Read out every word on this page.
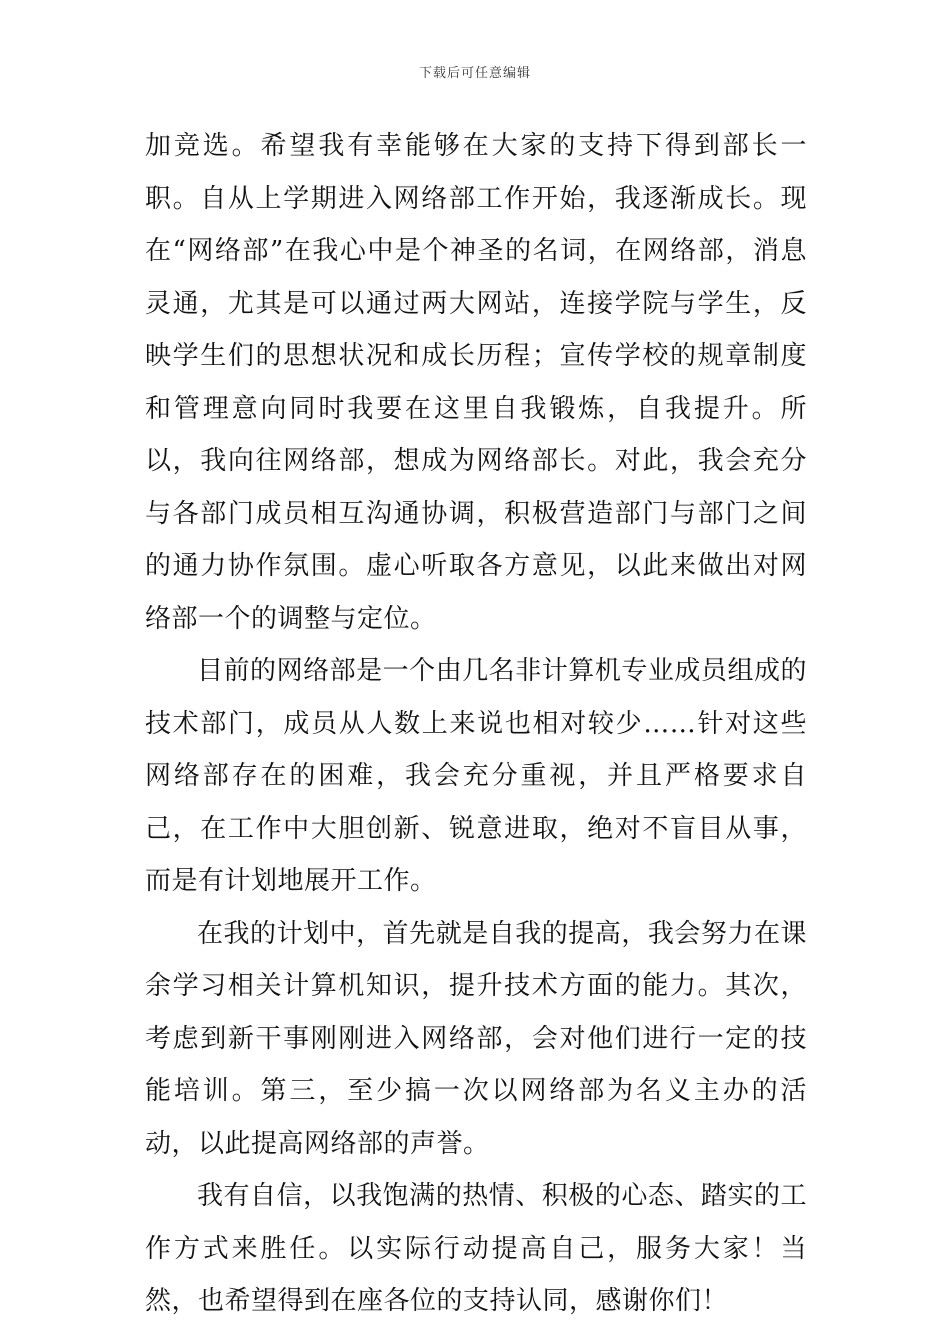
下载后可任意编辑

加竞选。希望我有幸能够在大家的支持下得到部长一职。自从上学期进入网络部工作开始，我逐渐成长。现在“网络部”在我心中是个神圣的名词，在网络部，消息灵通，尤其是可以通过两大网站，连接学院与学生，反映学生们的思想状况和成长历程；宣传学校的规章制度和管理意向同时我要在这里自我锻炼，自我提升。所以，我向往网络部，想成为网络部长。对此，我会充分与各部门成员相互沟通协调，积极营造部门与部门之间的通力协作氛围。虚心听取各方意见，以此来做出对网络部一个的调整与定位。

目前的网络部是一个由几名非计算机专业成员组成的技术部门，成员从人数上来说也相对较少……针对这些网络部存在的困难，我会充分重视，并且严格要求自己，在工作中大胆创新、锐意进取，绝对不盲目从事，而是有计划地展开工作。

在我的计划中，首先就是自我的提高，我会努力在课余学习相关计算机知识，提升技术方面的能力。其次，考虑到新干事刚刚进入网络部，会对他们进行一定的技能培训。第三，至少搞一次以网络部为名义主办的活动，以此提高网络部的声誉。

我有自信，以我饱满的热情、积极的心态、踏实的工作方式来胜任。以实际行动提高自己，服务大家！当然，也希望得到在座各位的支持认同，感谢你们！
